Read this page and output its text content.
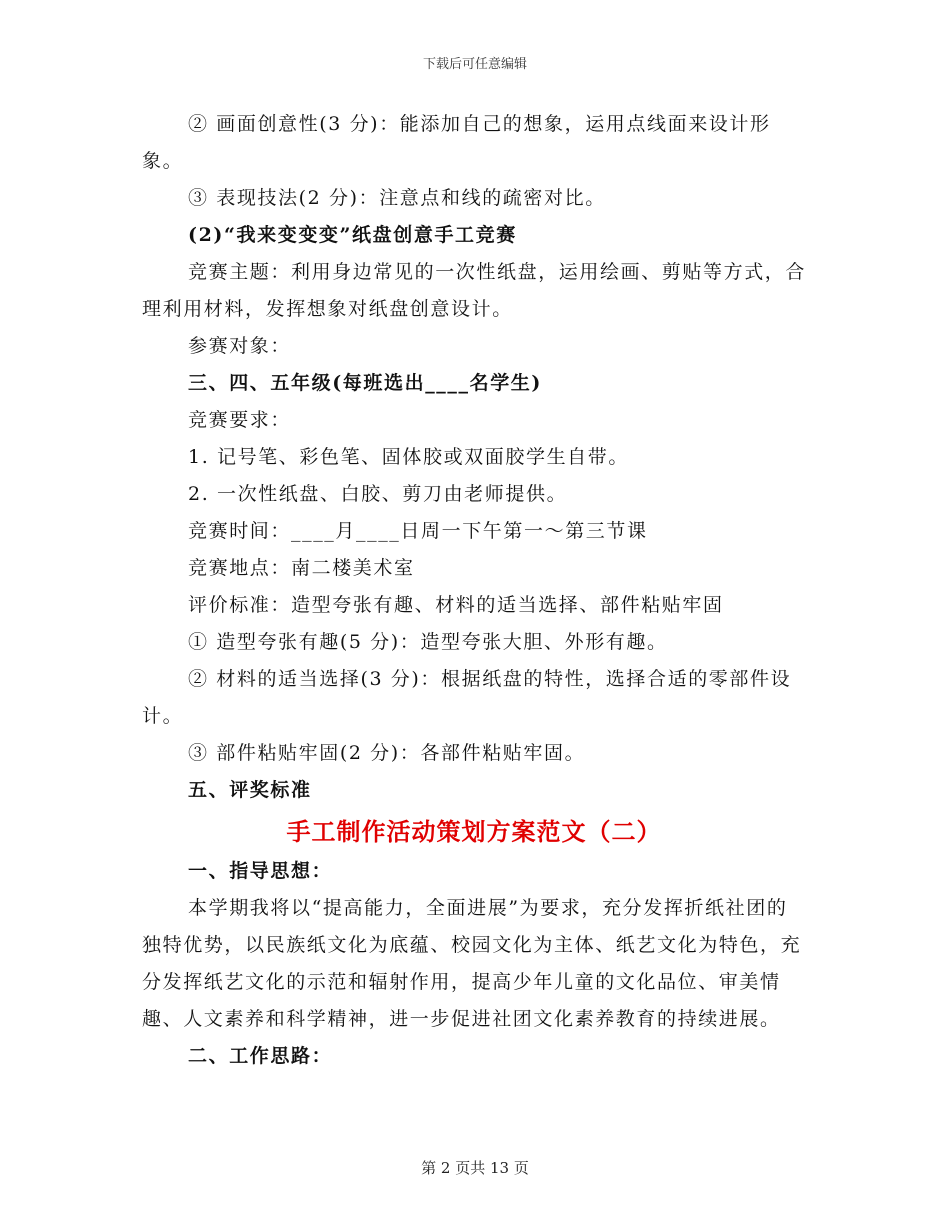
下载后可任意编辑

② 画面创意性(3 分)：能添加自己的想象，运用点线面来设计形象。

③ 表现技法(2 分)：注意点和线的疏密对比。

(2)“我来变变变”纸盘创意手工竞赛

竞赛主题：利用身边常见的一次性纸盘，运用绘画、剪贴等方式，合理利用材料，发挥想象对纸盘创意设计。

参赛对象：

三、四、五年级(每班选出____名学生)

竞赛要求：

1. 记号笔、彩色笔、固体胶或双面胶学生自带。

2. 一次性纸盘、白胶、剪刀由老师提供。

竞赛时间：____月____日周一下午第一～第三节课

竞赛地点：南二楼美术室

评价标准：造型夸张有趣、材料的适当选择、部件粘贴牢固

① 造型夸张有趣(5 分)：造型夸张大胆、外形有趣。

② 材料的适当选择(3 分)：根据纸盘的特性，选择合适的零部件设计。

③ 部件粘贴牢固(2 分)：各部件粘贴牢固。

五、评奖标准

手工制作活动策划方案范文（二）

一、指导思想：

本学期我将以“提高能力，全面进展”为要求，充分发挥折纸社团的独特优势，以民族纸文化为底蕴、校园文化为主体、纸艺文化为特色，充分发挥纸艺文化的示范和辐射作用，提高少年儿童的文化品位、审美情趣、人文素养和科学精神，进一步促进社团文化素养教育的持续进展。

二、工作思路：

第 2 页共 13 页
